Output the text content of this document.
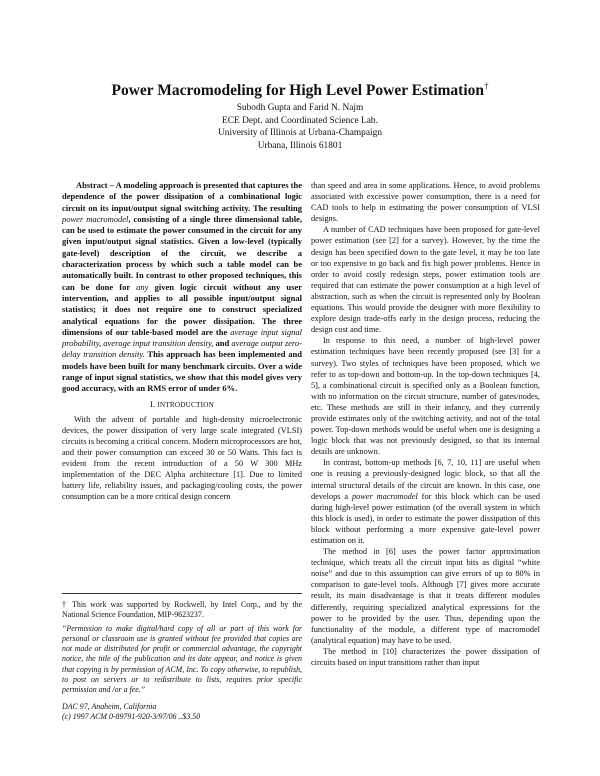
Power Macromodeling for High Level Power Estimation†
Subodh Gupta and Farid N. Najm
ECE Dept. and Coordinated Science Lab.
University of Illinois at Urbana-Champaign
Urbana, Illinois 61801

Abstract – A modeling approach is presented that captures the dependence of the power dissipation of a combinational logic circuit on its input/output signal switching activity. The resulting power macromodel, consisting of a single three dimensional table, can be used to estimate the power consumed in the circuit for any given input/output signal statistics. Given a low-level (typically gate-level) description of the circuit, we describe a characterization process by which such a table model can be automatically built. In contrast to other proposed techniques, this can be done for any given logic circuit without any user intervention, and applies to all possible input/output signal statistics; it does not require one to construct specialized analytical equations for the power dissipation. The three dimensions of our table-based model are the average input signal probability, average input transition density, and average output zero-delay transition density. This approach has been implemented and models have been built for many benchmark circuits. Over a wide range of input signal statistics, we show that this model gives very good accuracy, with an RMS error of under 6%.

I. INTRODUCTION

With the advent of portable and high-density microelectronic devices, the power dissipation of very large scale integrated (VLSI) circuits is becoming a critical concern. Modern microprocessors are hot, and their power consumption can exceed 30 or 50 Watts. This fact is evident from the recent introduction of a 50 W 300 MHz implementation of the DEC Alpha architecture [1]. Due to limited battery life, reliability issues, and packaging/cooling costs, the power consumption can be a more critical design concern

† This work was supported by Rockwell, by Intel Corp., and by the National Science Foundation, MIP-9623237.
“Permission to make digital/hard copy of all or part of this work for personal or classroom use is granted without fee provided that copies are not made or distributed for profit or commercial advantage, the copyright notice, the title of the publication and its date appear, and notice is given that copying is by permission of ACM, Inc. To copy otherwise, to republish, to post on servers or to redistribute to lists, requires prior specific permission and /or a fee.”
DAC 97, Anaheim, California
(c) 1997 ACM 0-89791-920-3/97/06 ..$3.50

than speed and area in some applications. Hence, to avoid problems associated with excessive power consumption, there is a need for CAD tools to help in estimating the power consumption of VLSI designs.

A number of CAD techniques have been proposed for gate-level power estimation (see [2] for a survey). However, by the time the design has been specified down to the gate level, it may be too late or too expensive to go back and fix high power problems. Hence in order to avoid costly redesign steps, power estimation tools are required that can estimate the power consumption at a high level of abstraction, such as when the circuit is represented only by Boolean equations. This would provide the designer with more flexibility to explore design trade-offs early in the design process, reducing the design cost and time.

In response to this need, a number of high-level power estimation techniques have been recently proposed (see [3] for a survey). Two styles of techniques have been proposed, which we refer to as top-down and bottom-up. In the top-down techniques [4, 5], a combinational circuit is specified only as a Boolean function, with no information on the circuit structure, number of gates/nodes, etc. These methods are still in their infancy, and they currently provide estimates only of the switching activity, and not of the total power. Top-down methods would be useful when one is designing a logic block that was not previously designed, so that its internal details are unknown.

In contrast, bottom-up methods [6, 7, 10, 11] are useful when one is reusing a previously-designed logic block, so that all the internal structural details of the circuit are known. In this case, one develops a power macromodel for this block which can be used during high-level power estimation (of the overall system in which this block is used), in order to estimate the power dissipation of this block without performing a more expensive gate-level power estimation on it.

The method in [6] uses the power factor approximation technique, which treats all the circuit input bits as digital “white noise” and due to this assumption can give errors of up to 80% in comparison to gate-level tools. Although [7] gives more accurate result, its main disadvantage is that it treats different modules differently, requiring specialized analytical expressions for the power to be provided by the user. Thus, depending upon the functionality of the module, a different type of macromodel (analytical equation) may have to be used.

The method in [10] characterizes the power dissipation of circuits based on input transitions rather than input
